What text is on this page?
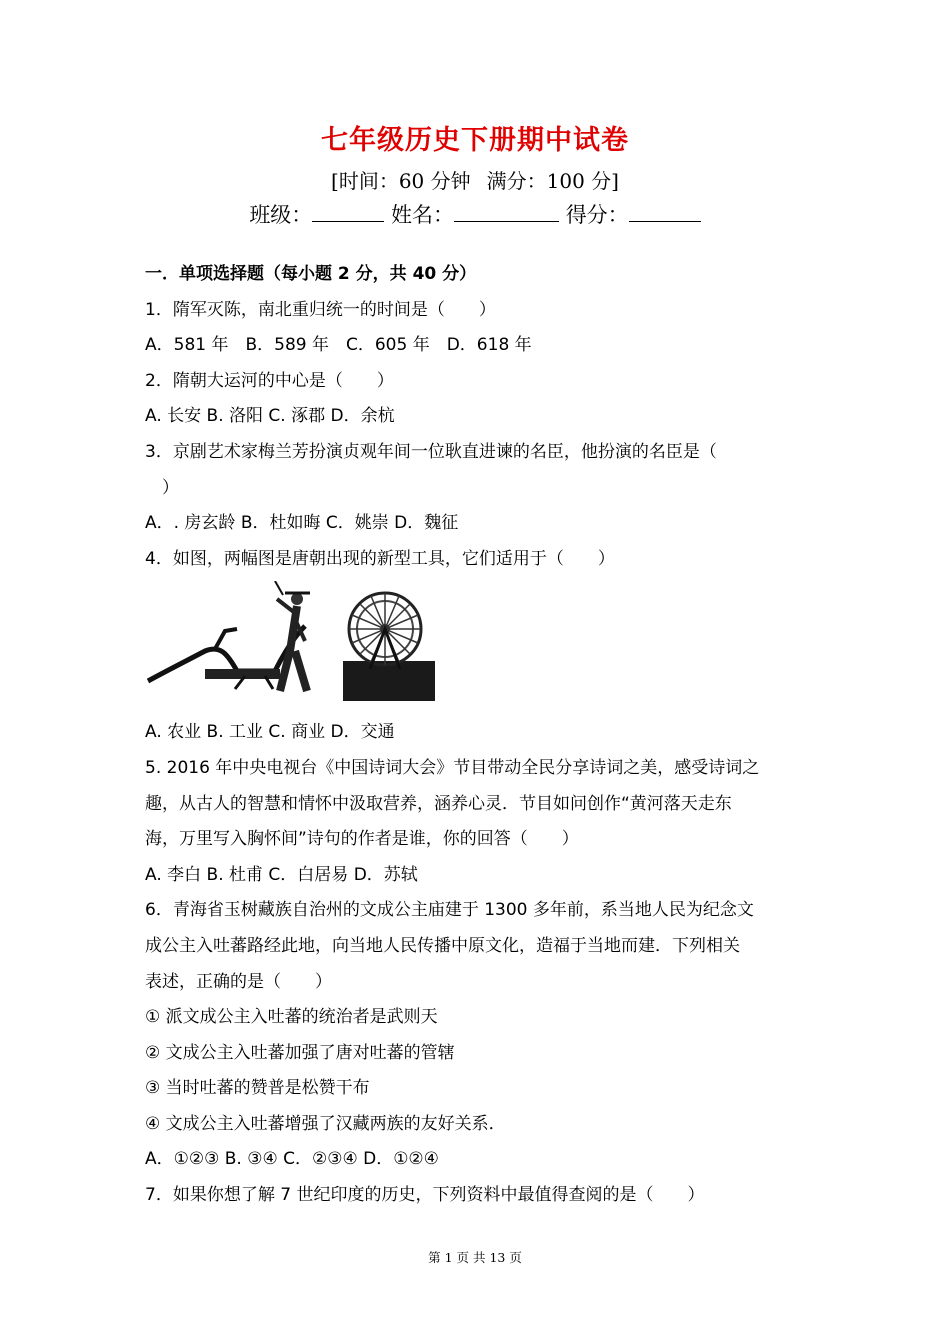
七年级历史下册期中试卷
[时间：60 分钟 满分：100 分]
班级：	姓名：	得分：
一．单项选择题（每小题 2 分，共 40 分）
1．隋军灭陈，南北重归统一的时间是（　　）
A．581 年　B．589 年　C．605 年　D．618 年
2．隋朝大运河的中心是（　　）
A. 长安 B. 洛阳 C. 涿郡 D．余杭
3．京剧艺术家梅兰芳扮演贞观年间一位耿直进谏的名臣，他扮演的名臣是（
　）
A．. 房玄龄 B．杜如晦 C．姚崇 D．魏征
4．如图，两幅图是唐朝出现的新型工具，它们适用于（　　）
A. 农业 B. 工业 C. 商业 D．交通
5. 2016 年中央电视台《中国诗词大会》节目带动全民分享诗词之美，感受诗词之
趣，从古人的智慧和情怀中汲取营养，涵养心灵．节目如问创作“黄河落天走东
海，万里写入胸怀间”诗句的作者是谁，你的回答（　　）
A. 李白 B. 杜甫 C．白居易 D．苏轼
6．青海省玉树藏族自治州的文成公主庙建于 1300 多年前，系当地人民为纪念文
成公主入吐蕃路经此地，向当地人民传播中原文化，造福于当地而建．下列相关
表述，正确的是（　　）
① 派文成公主入吐蕃的统治者是武则天
② 文成公主入吐蕃加强了唐对吐蕃的管辖
③ 当时吐蕃的赞普是松赞干布
④ 文成公主入吐蕃增强了汉藏两族的友好关系．
A．①②③ B. ③④ C．②③④ D．①②④
7．如果你想了解 7 世纪印度的历史，下列资料中最值得查阅的是（　　）
第 1 页 共 13 页
